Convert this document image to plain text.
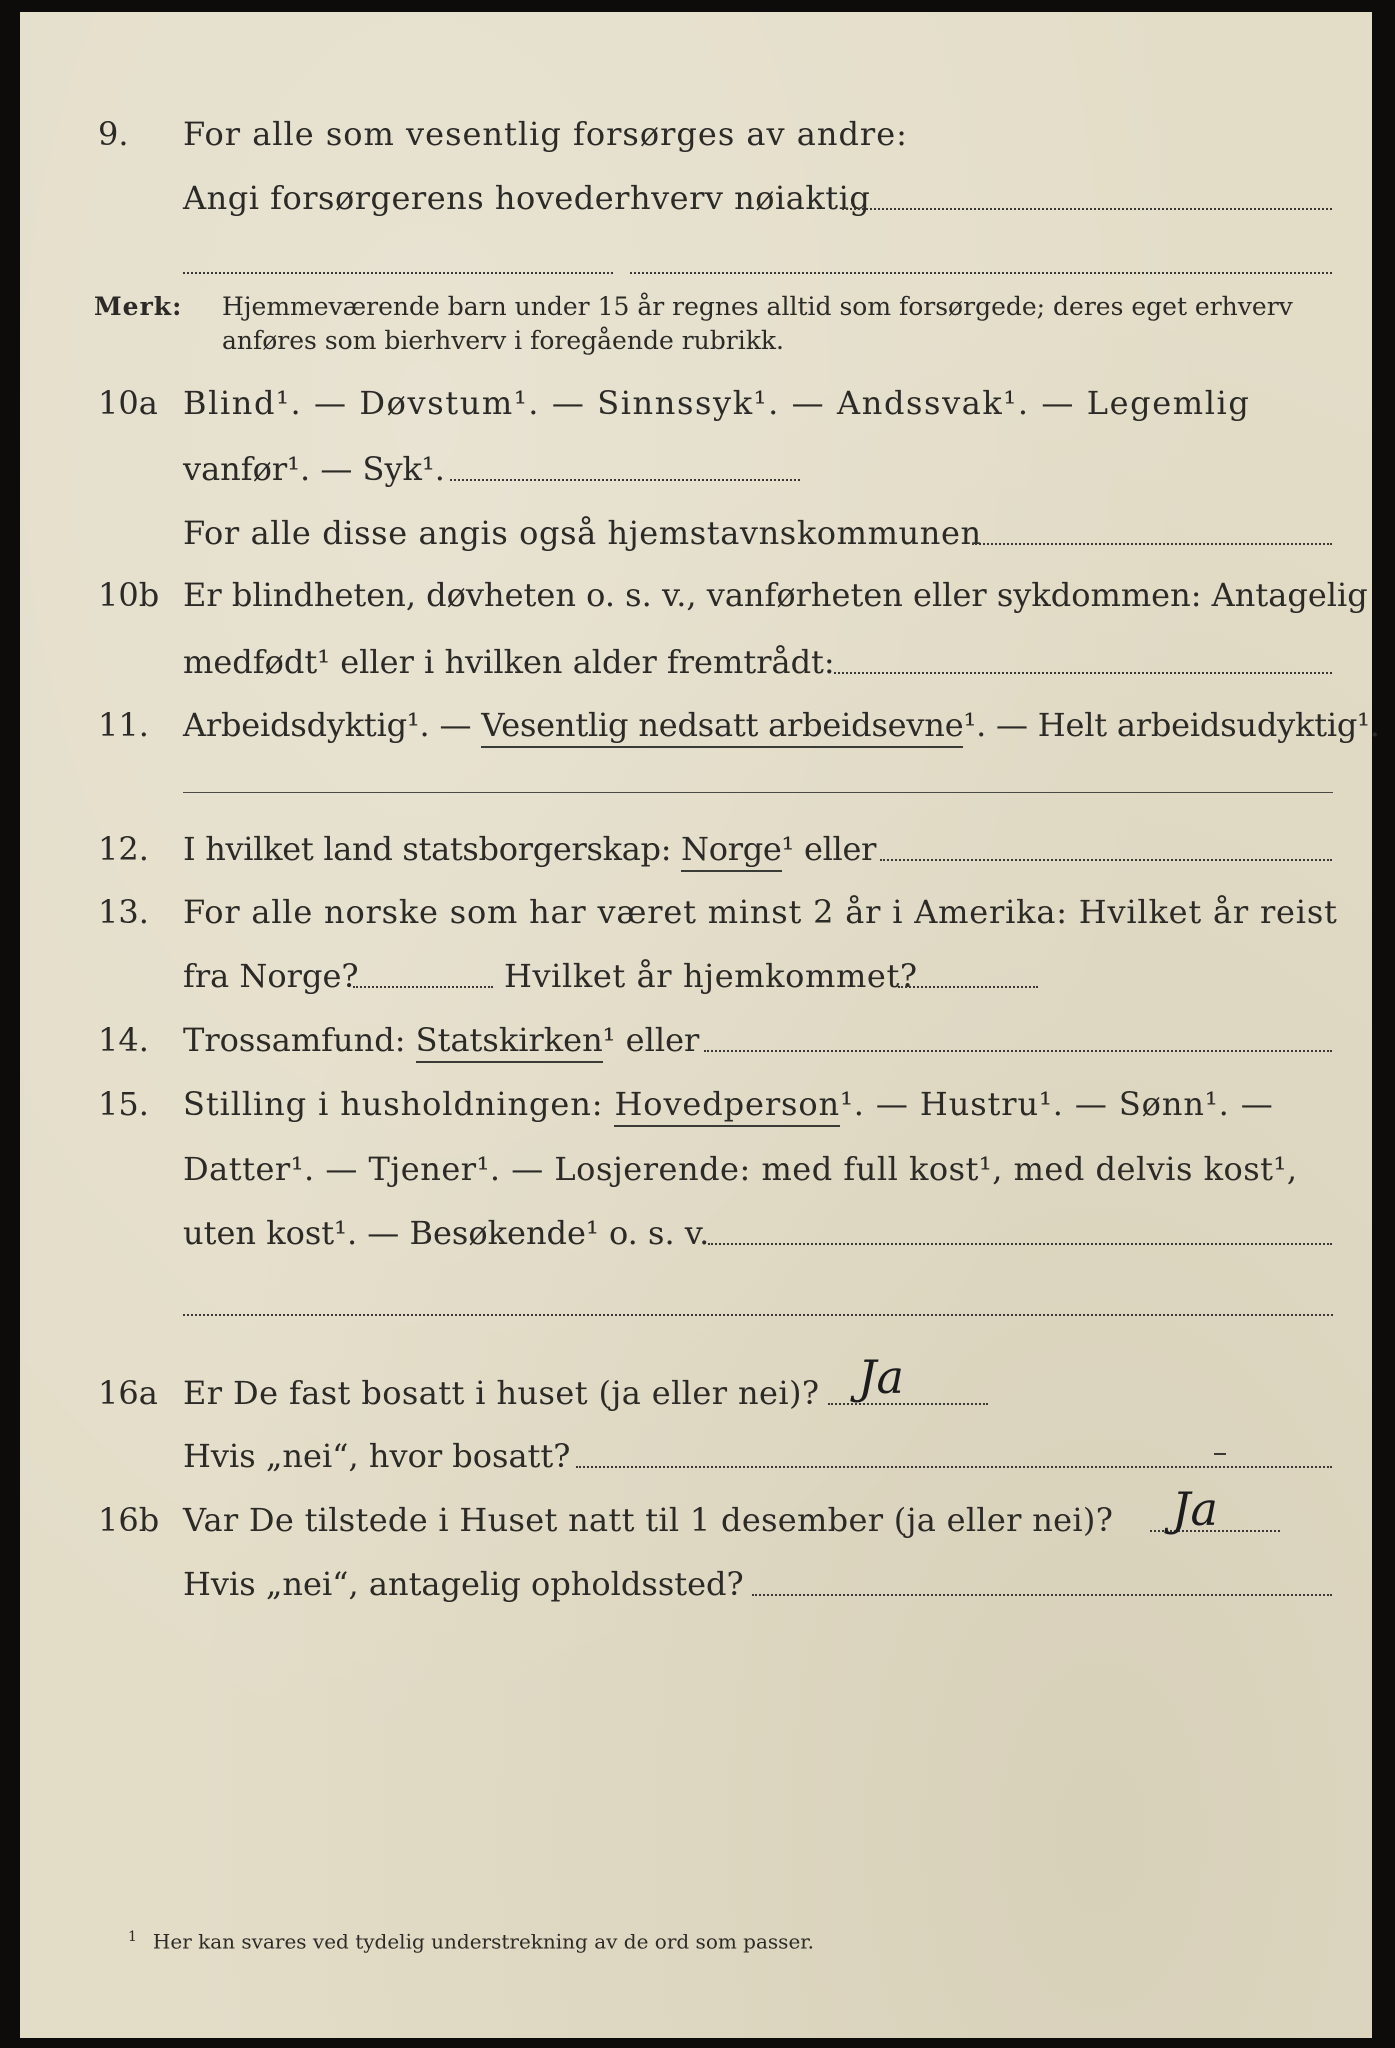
9.	For alle som vesentlig forsørges av andre:
Angi forsørgerens hovederhverv nøiaktig
Merk: Hjemmeværende barn under 15 år regnes alltid som forsørgede; deres eget erhverv
anføres som bierhverv i foregående rubrikk.
10a Blind¹. — Døvstum¹. — Sinnssyk¹. — Andssvak¹. — Legemlig
vanfør¹. — Syk¹.
For alle disse angis også hjemstavnskommunen
10b Er blindheten, døvheten o. s. v., vanførheten eller sykdommen: Antagelig
medfødt¹ eller i hvilken alder fremtrådt:
11.	Arbeidsdyktig¹. — Vesentlig nedsatt arbeidsevne¹. — Helt arbeidsudyktig¹.
12.	I hvilket land statsborgerskap: Norge¹ eller
13.	For alle norske som har været minst 2 år i Amerika: Hvilket år reist
fra Norge?	Hvilket år hjemkommet?
14.	Trossamfund: Statskirken¹ eller
15.	Stilling i husholdningen: Hovedperson¹. — Hustru¹. — Sønn¹. —
Datter¹. — Tjener¹. — Losjerende: med full kost¹, med delvis kost¹,
uten kost¹. — Besøkende¹ o. s. v.
16a Er De fast bosatt i huset (ja eller nei)? Ja
Hvis „nei“, hvor bosatt?
16b Var De tilstede i Huset natt til 1 desember (ja eller nei)? Ja
Hvis „nei“, antagelig opholdssted?
$^1$ Her kan svares ved tydelig understrekning av de ord som passer.
